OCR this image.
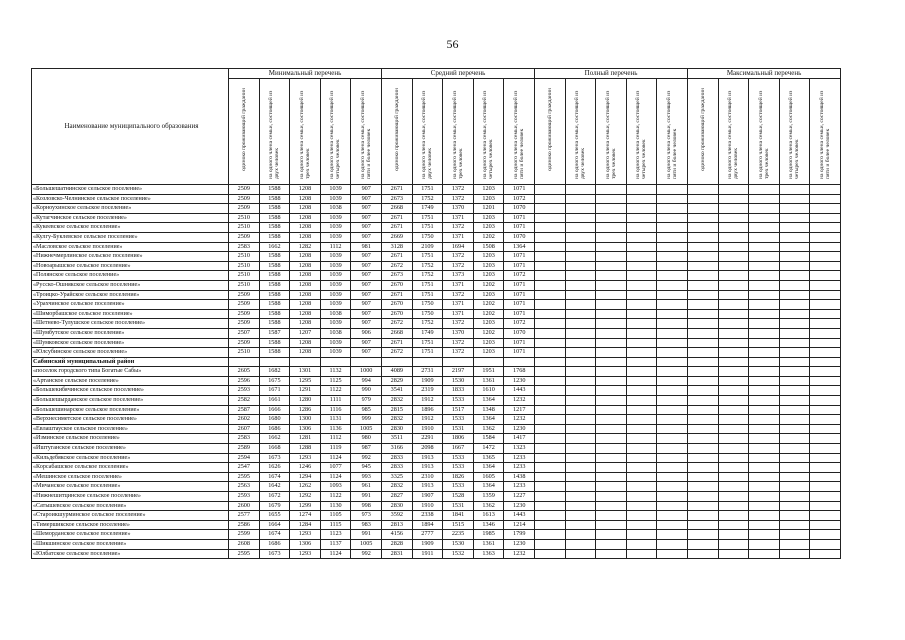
56
Наименование муниципального образования	Минимальный перечень					Средний перечень					Полный перечень					Максимальный перечень				
	одиноко проживающий гражданин	на одного члена семьи, состоящей из двух человек	на одного члена семьи, состоящей из трех человек	на одного члена семьи, состоящей из четырех человек	на одного члена семьи, состоящей из пяти и более человек	одиноко проживающий гражданин	на одного члена семьи, состоящей из двух человек	на одного члена семьи, состоящей из трех человек	на одного члена семьи, состоящей из четырех человек	на одного члена семьи, состоящей из пяти и более человек	одиноко проживающий гражданин	на одного члена семьи, состоящей из двух человек	на одного члена семьи, состоящей из трех человек	на одного члена семьи, состоящей из четырех человек	на одного члена семьи, состоящей из пяти и более человек	одиноко проживающий гражданин	на одного члена семьи, состоящей из двух человек	на одного члена семьи, состоящей из трех человек	на одного члена семьи, состоящей из четырех человек	на одного члена семьи, состоящей из пяти и более человек
«Большешатнинское сельское поселение»	2509	1588	1208	1039	907	2671	1751	1372	1203	1071										
«Козловско-Челнинское сельское поселение»	2509	1588	1208	1039	907	2673	1752	1372	1203	1072										
«Корноухинское сельское поселение»	2509	1588	1208	1038	907	2668	1749	1370	1201	1070										
«Кутагчинское сельское поселение»	2510	1588	1208	1039	907	2671	1751	1371	1203	1071										
«Кукеевское сельское поселение»	2510	1588	1208	1039	907	2671	1751	1372	1203	1071										
«Кулгу-Буклевское сельское поселение»	2509	1588	1208	1039	907	2669	1750	1371	1202	1070										
«Масловское сельское поселение»	2583	1662	1282	1112	981	3128	2109	1694	1508	1364										
«Нижнечмерлинское сельское поселение»	2510	1588	1208	1039	907	2671	1751	1372	1203	1071										
«Новоарышское сельское поселение»	2510	1588	1208	1039	907	2672	1752	1372	1203	1071										
«Полянское сельское поселение»	2510	1588	1208	1039	907	2673	1752	1373	1203	1072										
«Русско-Ошнякское сельское поселение»	2510	1588	1208	1039	907	2670	1751	1371	1202	1071										
«Троицко-Урайское сельское поселение»	2509	1588	1208	1039	907	2671	1751	1372	1203	1071										
«Урахчинское сельское поселение»	2509	1588	1208	1039	907	2670	1750	1371	1202	1071										
«Шиморбашское сельское поселение»	2509	1588	1208	1038	907	2670	1750	1371	1202	1071										
«Шетнево-Тулушское сельское поселение»	2509	1588	1208	1039	907	2672	1752	1372	1203	1072										
«Шумбутское сельское поселение»	2507	1587	1207	1038	906	2668	1749	1370	1202	1070										
«Шумковское сельское поселение»	2509	1588	1208	1039	907	2671	1751	1372	1203	1071										
«Юлсубинское сельское поселение»	2510	1588	1208	1039	907	2672	1751	1372	1203	1071										
Сабинский муниципальный район																				
«поселок городского типа Богатые Сабы»	2605	1682	1301	1132	1000	4089	2731	2197	1951	1768										
«Артанское сельское поселение»	2596	1675	1295	1125	994	2829	1909	1530	1361	1230										
«Большекибячинское сельское поселение»	2593	1671	1291	1122	990	3541	2319	1833	1610	1443										
«Большешырданское сельское поселение»	2582	1661	1280	1111	979	2832	1912	1533	1364	1232										
«Большешинарское сельское поселение»	2587	1666	1286	1116	985	2815	1896	1517	1348	1217										
«Верхнесиметское сельское поселение»	2602	1680	1300	1131	999	2832	1912	1533	1364	1232										
«Евлаштауское сельское поселение»	2607	1686	1306	1136	1005	2830	1910	1531	1362	1230										
«Изминское сельское поселение»	2583	1662	1281	1112	980	3511	2291	1806	1584	1417										
«Иштуганское сельское поселение»	2589	1668	1288	1119	987	3166	2098	1667	1472	1323										
«Кильдебякское сельское поселение»	2594	1673	1293	1124	992	2833	1913	1533	1365	1233										
«Корсабашское сельское поселение»	2547	1626	1246	1077	945	2833	1913	1533	1364	1233										
«Мешинское сельское поселение»	2595	1674	1294	1124	993	3325	2310	1826	1605	1438										
«Мичанское сельское поселение»	2563	1642	1262	1093	961	2832	1913	1533	1364	1233										
«Нижнешитцинское сельское поселение»	2593	1672	1292	1122	991	2827	1907	1528	1359	1227										
«Сатышевское сельское поселение»	2600	1679	1299	1130	998	2830	1910	1531	1362	1230										
«Староикшурминское сельское поселение»	2577	1655	1274	1105	973	3592	2338	1841	1613	1443										
«Тимершикское сельское поселение»	2586	1664	1284	1115	983	2813	1894	1515	1346	1214										
«Шеморданское сельское поселение»	2599	1674	1293	1123	991	4156	2777	2235	1985	1799										
«Шикшинское сельское поселение»	2608	1686	1306	1137	1005	2828	1909	1530	1361	1230										
«Юлбатское сельское поселение»	2595	1673	1293	1124	992	2831	1911	1532	1363	1232										
